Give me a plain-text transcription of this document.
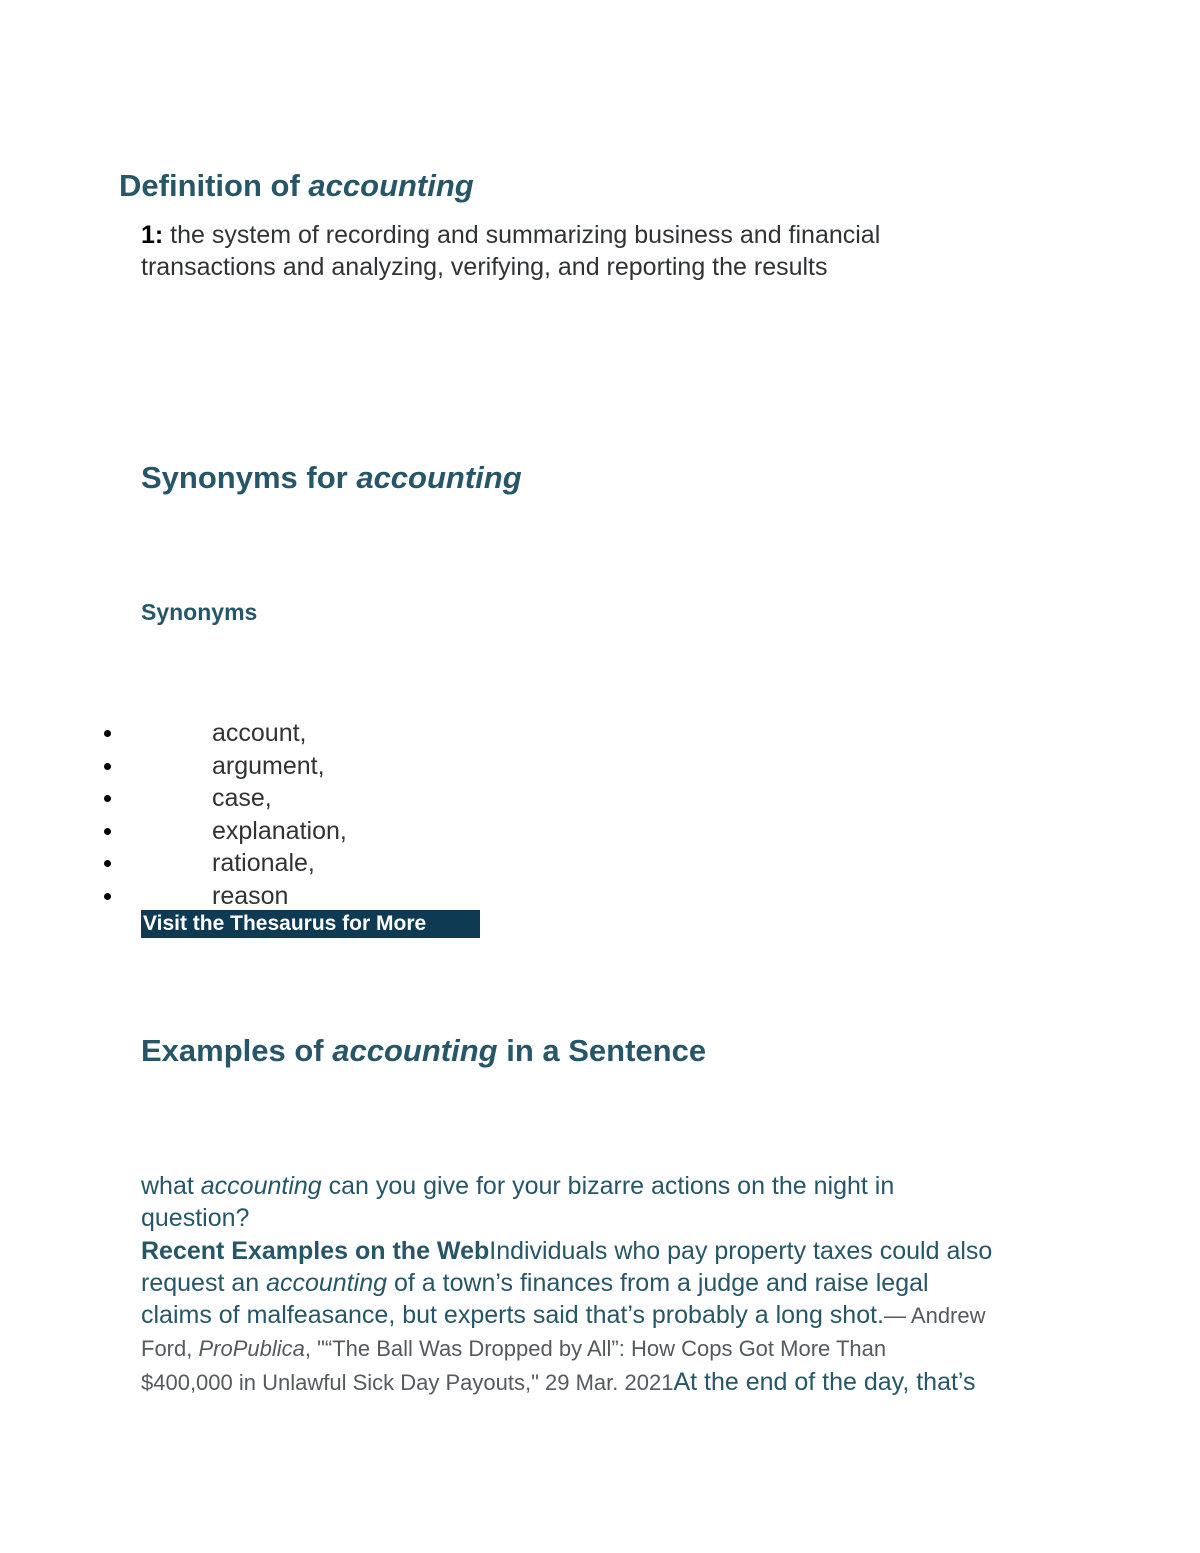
Definition of accounting
1: the system of recording and summarizing business and financial
transactions and analyzing, verifying, and reporting the results
Synonyms for accounting
Synonyms
account,
argument,
case,
explanation,
rationale,
reason
Visit the Thesaurus for More
Examples of accounting in a Sentence
what accounting can you give for your bizarre actions on the night in
question?
Recent Examples on the WebIndividuals who pay property taxes could also
request an accounting of a town’s finances from a judge and raise legal
claims of malfeasance, but experts said that’s probably a long shot.— Andrew
Ford, ProPublica, "“The Ball Was Dropped by All”: How Cops Got More Than
$400,000 in Unlawful Sick Day Payouts," 29 Mar. 2021At the end of the day, that’s
